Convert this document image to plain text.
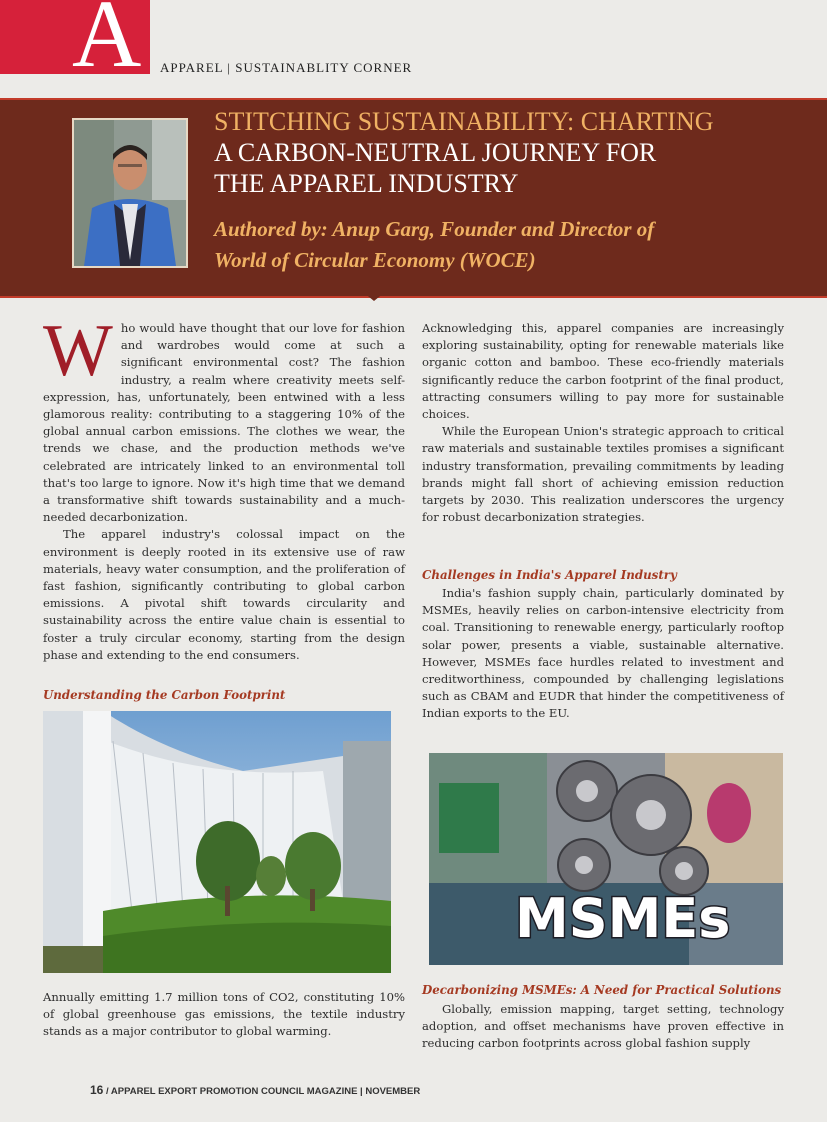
A APPAREL | SUSTAINABLITY CORNER
STITCHING SUSTAINABILITY: CHARTING
A CARBON-NEUTRAL JOURNEY FOR
THE APPAREL INDUSTRY
Authored by: Anup Garg, Founder and Director of
World of Circular Economy (WOCE)
W ho would have thought that our love for fashion and wardrobes would come at such a significant environmental cost? The fashion industry, a realm where creativity meets self-expression, has, unfortunately, been entwined with a less glamorous reality: contributing to a staggering 10% of the global annual carbon emissions. The clothes we wear, the trends we chase, and the production methods we've celebrated are intricately linked to an environmental toll that's too large to ignore. Now it's high time that we demand a transformative shift towards sustainability and a much-needed decarbonization.

The apparel industry's colossal impact on the environment is deeply rooted in its extensive use of raw materials, heavy water consumption, and the proliferation of fast fashion, significantly contributing to global carbon emissions. A pivotal shift towards circularity and sustainability across the entire value chain is essential to foster a truly circular economy, starting from the design phase and extending to the end consumers.

Understanding the Carbon Footprint

Annually emitting 1.7 million tons of CO2, constituting 10% of global greenhouse gas emissions, the textile industry stands as a major contributor to global warming.

Acknowledging this, apparel companies are increasingly exploring sustainability, opting for renewable materials like organic cotton and bamboo. These eco-friendly materials significantly reduce the carbon footprint of the final product, attracting consumers willing to pay more for sustainable choices.

While the European Union's strategic approach to critical raw materials and sustainable textiles promises a significant industry transformation, prevailing commitments by leading brands might fall short of achieving emission reduction targets by 2030. This realization underscores the urgency for robust decarbonization strategies.

Challenges in India's Apparel Industry

India's fashion supply chain, particularly dominated by MSMEs, heavily relies on carbon-intensive electricity from coal. Transitioning to renewable energy, particularly rooftop solar power, presents a viable, sustainable alternative. However, MSMEs face hurdles related to investment and creditworthiness, compounded by challenging legislations such as CBAM and EUDR that hinder the competitiveness of Indian exports to the EU.

MSMEs
Decarbonizing MSMEs: A Need for Practical Solutions

Globally, emission mapping, target setting, technology adoption, and offset mechanisms have proven effective in reducing carbon footprints across global fashion supply

16 / APPAREL EXPORT PROMOTION COUNCIL MAGAZINE | NOVEMBER
